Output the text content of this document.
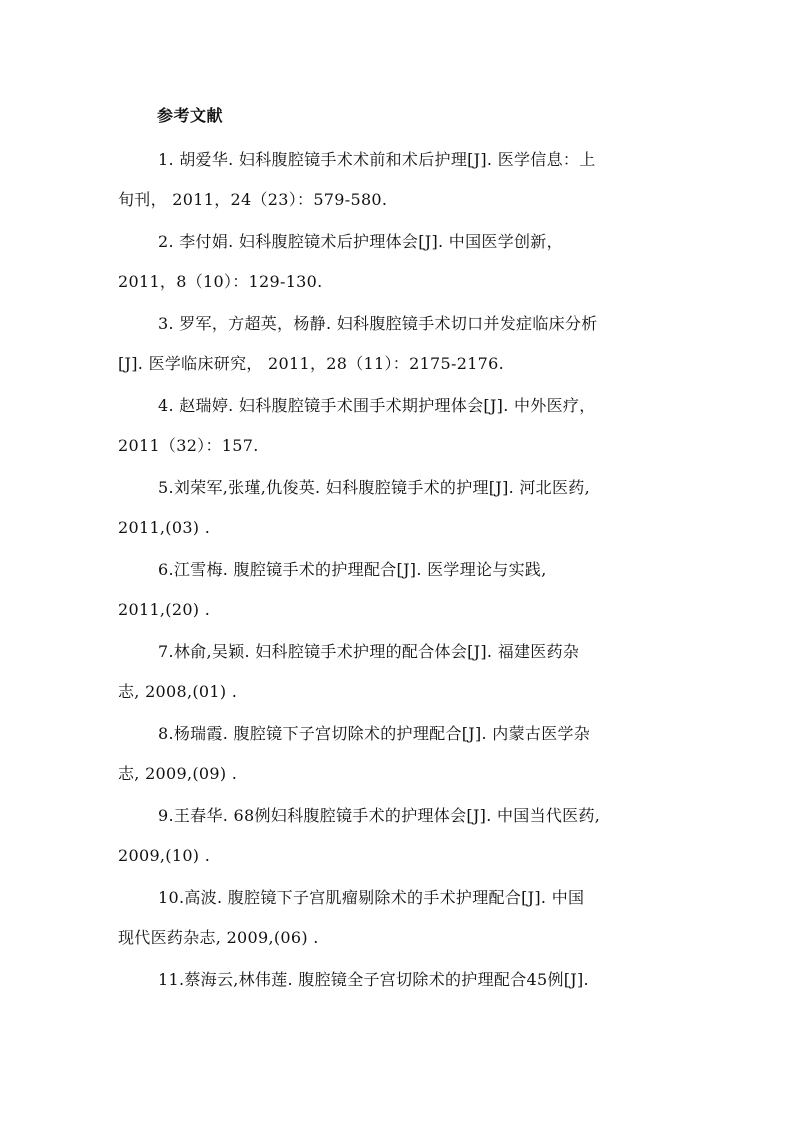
参考文献
1. 胡爱华. 妇科腹腔镜手术术前和术后护理[J]. 医学信息：上
旬刊， 2011，24（23）：579-580.
2. 李付娟. 妇科腹腔镜术后护理体会[J]. 中国医学创新，
2011，8（10）：129-130.
3. 罗军，方超英，杨静. 妇科腹腔镜手术切口并发症临床分析
[J]. 医学临床研究， 2011，28（11）：2175-2176.
4. 赵瑞婷. 妇科腹腔镜手术围手术期护理体会[J]. 中外医疗，
2011（32）：157.
5.刘荣军,张瑾,仇俊英. 妇科腹腔镜手术的护理[J]. 河北医药,
2011,(03) .
6.江雪梅. 腹腔镜手术的护理配合[J]. 医学理论与实践,
2011,(20) .
7.林俞,吴颖. 妇科腔镜手术护理的配合体会[J]. 福建医药杂
志, 2008,(01) .
8.杨瑞霞. 腹腔镜下子宫切除术的护理配合[J]. 内蒙古医学杂
志, 2009,(09) .
9.王春华. 68例妇科腹腔镜手术的护理体会[J]. 中国当代医药,
2009,(10) .
10.高波. 腹腔镜下子宫肌瘤剔除术的手术护理配合[J]. 中国
现代医药杂志, 2009,(06) .
11.蔡海云,林伟莲. 腹腔镜全子宫切除术的护理配合45例[J].
